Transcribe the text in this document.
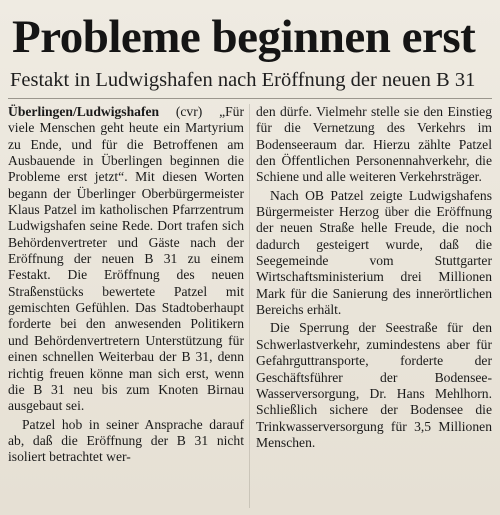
Probleme beginnen erst
Festakt in Ludwigshafen nach Eröffnung der neuen B 31

Überlingen/Ludwigshafen (cvr) „Für viele Menschen geht heute ein Martyrium zu Ende, und für die Betroffenen am Ausbauende in Überlingen beginnen die Probleme erst jetzt“. Mit diesen Worten begann der Überlinger Oberbürgermeister Klaus Patzel im katholischen Pfarrzentrum Ludwigshafen seine Rede. Dort trafen sich Behördenvertreter und Gäste nach der Eröffnung der neuen B 31 zu einem Festakt. Die Eröffnung des neuen Straßenstücks bewertete Patzel mit gemischten Gefühlen. Das Stadtoberhaupt forderte bei den anwesenden Politikern und Behördenvertretern Unterstützung für einen schnellen Weiterbau der B 31, denn richtig freuen könne man sich erst, wenn die B 31 neu bis zum Knoten Birnau ausgebaut sei.

Patzel hob in seiner Ansprache darauf ab, daß die Eröffnung der B 31 nicht isoliert betrachtet wer-

den dürfe. Vielmehr stelle sie den Einstieg für die Vernetzung des Verkehrs im Bodenseeraum dar. Hierzu zählte Patzel den Öffentlichen Personennahverkehr, die Schiene und alle weiteren Verkehrsträger.

Nach OB Patzel zeigte Ludwigshafens Bürgermeister Herzog über die Eröffnung der neuen Straße helle Freude, die noch dadurch gesteigert wurde, daß die Seegemeinde vom Stuttgarter Wirtschaftsministerium drei Millionen Mark für die Sanierung des innerörtlichen Bereichs erhält.

Die Sperrung der Seestraße für den Schwerlastverkehr, zumindestens aber für Gefahrguttransporte, forderte der Geschäftsführer der Bodensee-Wasserversorgung, Dr. Hans Mehlhorn. Schließlich sichere der Bodensee die Trinkwasserversorgung für 3,5 Millionen Menschen.
